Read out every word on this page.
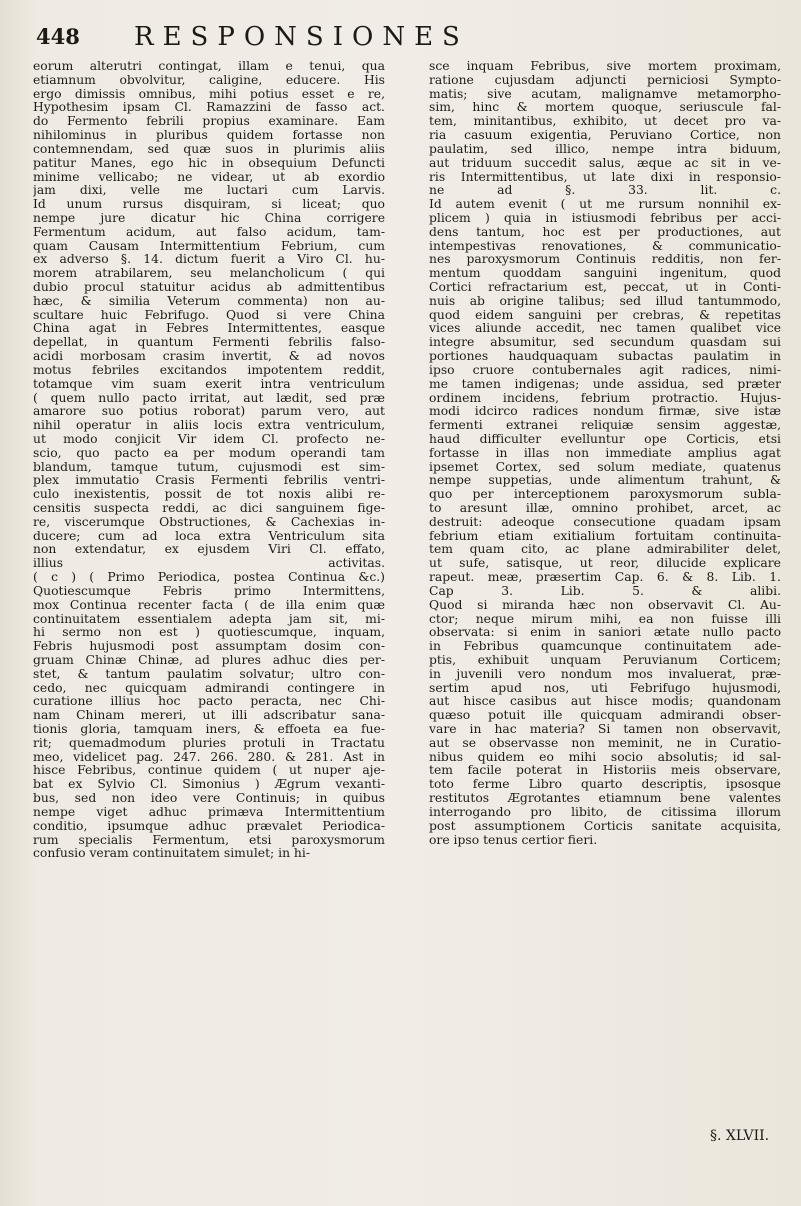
448 RESPONSIONES
eorum alterutri contingat, illam e tenui, qua
etiamnum obvolvitur, caligine, educere. His
ergo dimissis omnibus, mihi potius esset e re,
Hypothesim ipsam Cl. Ramazzini de fasso act.
do Fermento febrili propius examinare. Eam
nihilominus in pluribus quidem fortasse non
contemnendam, sed quæ suos in plurimis aliis
patitur Manes, ego hic in obsequium Defuncti
minime vellicabo; ne videar, ut ab exordio
jam dixi, velle me luctari cum Larvis.
Id unum rursus disquiram, si liceat; quo
nempe jure dicatur hic China corrigere
Fermentum acidum, aut falso acidum, tam-
quam Causam Intermittentium Febrium, cum
ex adverso §. 14. dictum fuerit a Viro Cl. hu-
morem atrabilarem, seu melancholicum ( qui
dubio procul statuitur acidus ab admittentibus
hæc, & similia Veterum commenta) non au-
scultare huic Febrifugo. Quod si vere China
China agat in Febres Intermittentes, easque
depellat, in quantum Fermenti febrilis falso-
acidi morbosam crasim invertit, & ad novos
motus febriles excitandos impotentem reddit,
totamque vim suam exerit intra ventriculum
( quem nullo pacto irritat, aut lædit, sed præ
amarore suo potius roborat) parum vero, aut
nihil operatur in aliis locis extra ventriculum,
ut modo conjicit Vir idem Cl. profecto ne-
scio, quo pacto ea per modum operandi tam
blandum, tamque tutum, cujusmodi est sim-
plex immutatio Crasis Fermenti febrilis ventri-
culo inexistentis, possit de tot noxis alibi re-
censitis suspecta reddi, ac dici sanguinem fige-
re, viscerumque Obstructiones, & Cachexias in-
ducere; cum ad loca extra Ventriculum sita
non extendatur, ex ejusdem Viri Cl. effato,
illius activitas.
( c ) ( Primo Periodica, postea Continua &c.)
Quotiescumque Febris primo Intermittens,
mox Continua recenter facta ( de illa enim quæ
continuitatem essentialem adepta jam sit, mi-
hi sermo non est ) quotiescumque, inquam,
Febris hujusmodi post assumptam dosim con-
gruam Chinæ Chinæ, ad plures adhuc dies per-
stet, & tantum paulatim solvatur; ultro con-
cedo, nec quicquam admirandi contingere in
curatione illius hoc pacto peracta, nec Chi-
nam Chinam mereri, ut illi adscribatur sana-
tionis gloria, tamquam iners, & effoeta ea fue-
rit; quemadmodum pluries protuli in Tractatu
meo, videlicet pag. 247. 266. 280. & 281. Ast in
hisce Febribus, continue quidem ( ut nuper aje-
bat ex Sylvio Cl. Simonius ) Ægrum vexanti-
bus, sed non ideo vere Continuis; in quibus
nempe viget adhuc primæva Intermittentium
conditio, ipsumque adhuc prævalet Periodica-
rum specialis Fermentum, etsi paroxysmorum
confusio veram continuitatem simulet; in hi-
sce inquam Febribus, sive mortem proximam,
ratione cujusdam adjuncti perniciosi Sympto-
matis; sive acutam, malignamve metamorpho-
sim, hinc & mortem quoque, seriuscule fal-
tem, minitantibus, exhibito, ut decet pro va-
ria casuum exigentia, Peruviano Cortice, non
paulatim, sed illico, nempe intra biduum,
aut triduum succedit salus, æque ac sit in ve-
ris Intermittentibus, ut late dixi in responsio-
ne ad §. 33. lit. c.
Id autem evenit ( ut me rursum nonnihil ex-
plicem ) quia in istiusmodi febribus per acci-
dens tantum, hoc est per productiones, aut
intempestivas renovationes, & communicatio-
nes paroxysmorum Continuis redditis, non fer-
mentum quoddam sanguini ingenitum, quod
Cortici refractarium est, peccat, ut in Conti-
nuis ab origine talibus; sed illud tantummodo,
quod eidem sanguini per crebras, & repetitas
vices aliunde accedit, nec tamen qualibet vice
integre absumitur, sed secundum quasdam sui
portiones haudquaquam subactas paulatim in
ipso cruore contubernales agit radices, nimi-
me tamen indigenas; unde assidua, sed præter
ordinem incidens, febrium protractio. Hujus-
modi idcirco radices nondum firmæ, sive istæ
fermenti extranei reliquiæ sensim aggestæ,
haud difficulter evelluntur ope Corticis, etsi
fortasse in illas non immediate amplius agat
ipsemet Cortex, sed solum mediate, quatenus
nempe suppetias, unde alimentum trahunt, &
quo per interceptionem paroxysmorum subla-
to aresunt illæ, omnino prohibet, arcet, ac
destruit: adeoque consecutione quadam ipsam
febrium etiam exitialium fortuitam continuita-
tem quam cito, ac plane admirabiliter delet,
ut sufe, satisque, ut reor, dilucide explicare
rapeut. meæ, præsertim Cap. 6. & 8. Lib. 1.
Cap 3. Lib. 5. & alibi.
Quod si miranda hæc non observavit Cl. Au-
ctor; neque mirum mihi, ea non fuisse illi
observata: si enim in saniori ætate nullo pacto
in Febribus quamcunque continuitatem ade-
ptis, exhibuit unquam Peruvianum Corticem;
in juvenili vero nondum mos invaluerat, præ-
sertim apud nos, uti Febrifugo hujusmodi,
aut hisce casibus aut hisce modis; quandonam
quæso potuit ille quicquam admirandi obser-
vare in hac materia? Si tamen non observavit,
aut se observasse non meminit, ne in Curatio-
nibus quidem eo mihi socio absolutis; id sal-
tem facile poterat in Historiis meis observare,
toto ferme Libro quarto descriptis, ipsosque
restitutos Ægrotantes etiamnum bene valentes
interrogando pro libito, de citissima illorum
post assumptionem Corticis sanitate acquisita,
ore ipso tenus certior fieri.
§. XLVII.
